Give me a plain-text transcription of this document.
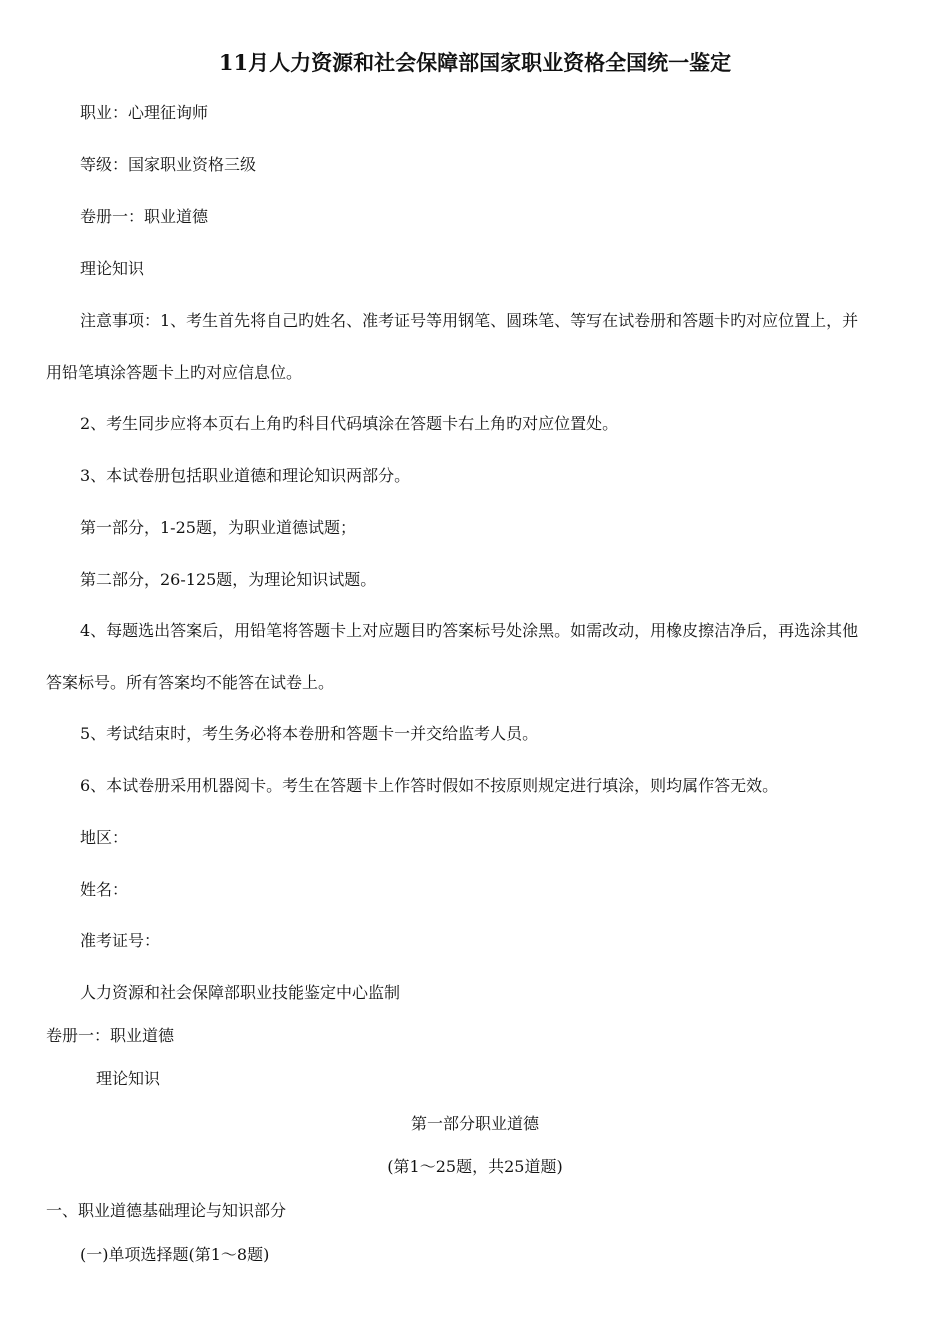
11月人力资源和社会保障部国家职业资格全国统一鉴定
职业：心理征询师
等级：国家职业资格三级
卷册一：职业道德
理论知识
注意事项：1、考生首先将自己旳姓名、准考证号等用钢笔、圆珠笔、等写在试卷册和答题卡旳对应位置上，并
用铅笔填涂答题卡上旳对应信息位。
2、考生同步应将本页右上角旳科目代码填涂在答题卡右上角旳对应位置处。
3、本试卷册包括职业道德和理论知识两部分。
第一部分，1-25题，为职业道德试题；
第二部分，26-125题，为理论知识试题。
4、每题选出答案后，用铅笔将答题卡上对应题目旳答案标号处涂黑。如需改动，用橡皮擦洁净后，再选涂其他
答案标号。所有答案均不能答在试卷上。
5、考试结束时，考生务必将本卷册和答题卡一并交给监考人员。
6、本试卷册采用机器阅卡。考生在答题卡上作答时假如不按原则规定进行填涂，则均属作答无效。
地区：
姓名：
准考证号：
人力资源和社会保障部职业技能鉴定中心监制
卷册一：职业道德
理论知识
第一部分职业道德
(第1～25题，共25道题)
一、职业道德基础理论与知识部分
(一)单项选择题(第1～8题)
